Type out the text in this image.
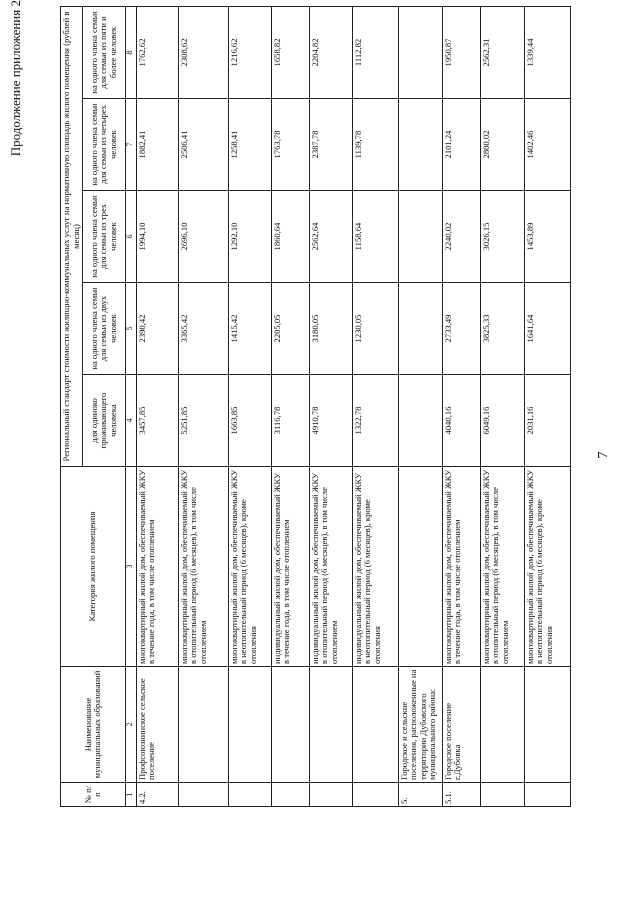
Продолжение приложения 2
№ п/п	Наименование муниципальных образований	Категория жилого помещения	Региональный стандарт стоимости жилищно-коммунальных услуг на нормативную площадь жилого помещения (рублей в месяц)				
			для одиноко проживающего человека	на одного члена семьи для семьи из двух человек	на одного члена семьи для семьи из трех человек	на одного члена семьи для семьи из четырех человек	на одного члена семьи для семьи из пяти и более человек
1	2	3	4	5	6	7	8
4.2.	Профсоюзнинское сельское поселение	многоквартирный жилой дом, обеспечиваемый ЖКУ в течение года, в том числе отоплением	3457,85	2390,42	1994,10	1882,41	1762,62
		многоквартирный жилой дом, обеспечиваемый ЖКУ в отопительный период (6 месяцев), в том числе отоплением	5251,85	3365,42	2696,10	2506,41	2308,62
		многоквартирный жилой дом, обеспечиваемый ЖКУ в неотопительный период (6 месяцев), кроме отопления	1663,85	1415,42	1292,10	1258,41	1216,62
		индивидуальный жилой дом, обеспечиваемый ЖКУ в течение года, в том числе отоплением	3116,78	2205,05	1860,64	1763,78	1658,82
		индивидуальный жилой дом, обеспечиваемый ЖКУ в отопительный период (6 месяцев), в том числе отоплением	4910,78	3180,05	2562,64	2387,78	2204,82
		индивидуальный жилой дом, обеспечиваемый ЖКУ в неотопительный период (6 месяцев), кроме отопления	1322,78	1230,05	1158,64	1139,78	1112,82
5.	Городское и сельские поселения, расположенные на территории Дубовского муниципального района:						
5.1.	Городское поселение г.Дубовка	многоквартирный жилой дом, обеспечиваемый ЖКУ в течение года, в том числе отоплением	4040,16	2733,49	2240,02	2101,24	1950,87
		многоквартирный жилой дом, обеспечиваемый ЖКУ в отопительный период (6 месяцев), в том числе отоплением	6049,16	3825,33	3026,15	2800,02	2562,31
		многоквартирный жилой дом, обеспечиваемый ЖКУ в неотопительный период (6 месяцев), кроме отопления	2031,16	1641,64	1453,89	1402,46	1339,44
7
